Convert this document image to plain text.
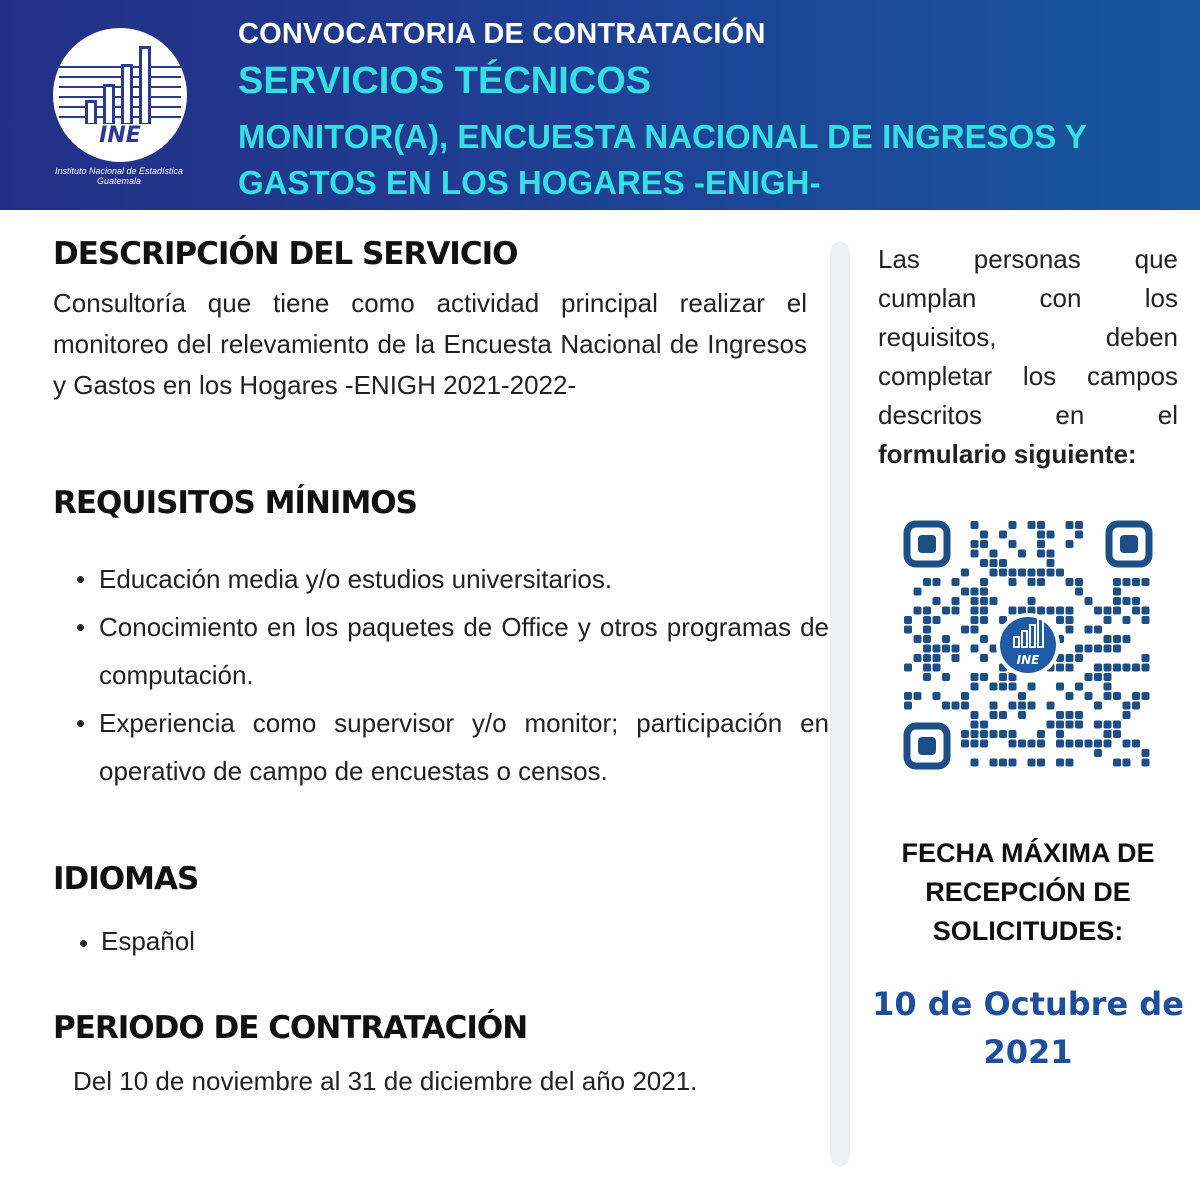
INE
Instituto Nacional de Estadística Guatemala
CONVOCATORIA DE CONTRATACIÓN
SERVICIOS TÉCNICOS
MONITOR(A), ENCUESTA NACIONAL DE INGRESOS Y GASTOS EN LOS HOGARES -ENIGH-
DESCRIPCIÓN DEL SERVICIO
Consultoría que tiene como actividad principal realizar el monitoreo del relevamiento de la Encuesta Nacional de Ingresos y Gastos en los Hogares -ENIGH 2021-2022-
REQUISITOS MÍNIMOS
Educación media y/o estudios universitarios.
Conocimiento en los paquetes de Office y otros programas de computación.
Experiencia como supervisor y/o monitor; participación en operativo de campo de encuestas o censos.
IDIOMAS
Español
PERIODO DE CONTRATACIÓN
Del 10 de noviembre al 31 de diciembre del año 2021.
Las personas que
cumplan con los
requisitos, deben
completar los campos
descritos en el
formulario siguiente:
INE
FECHA MÁXIMA DE RECEPCIÓN DE SOLICITUDES:
10 de Octubre de 2021
